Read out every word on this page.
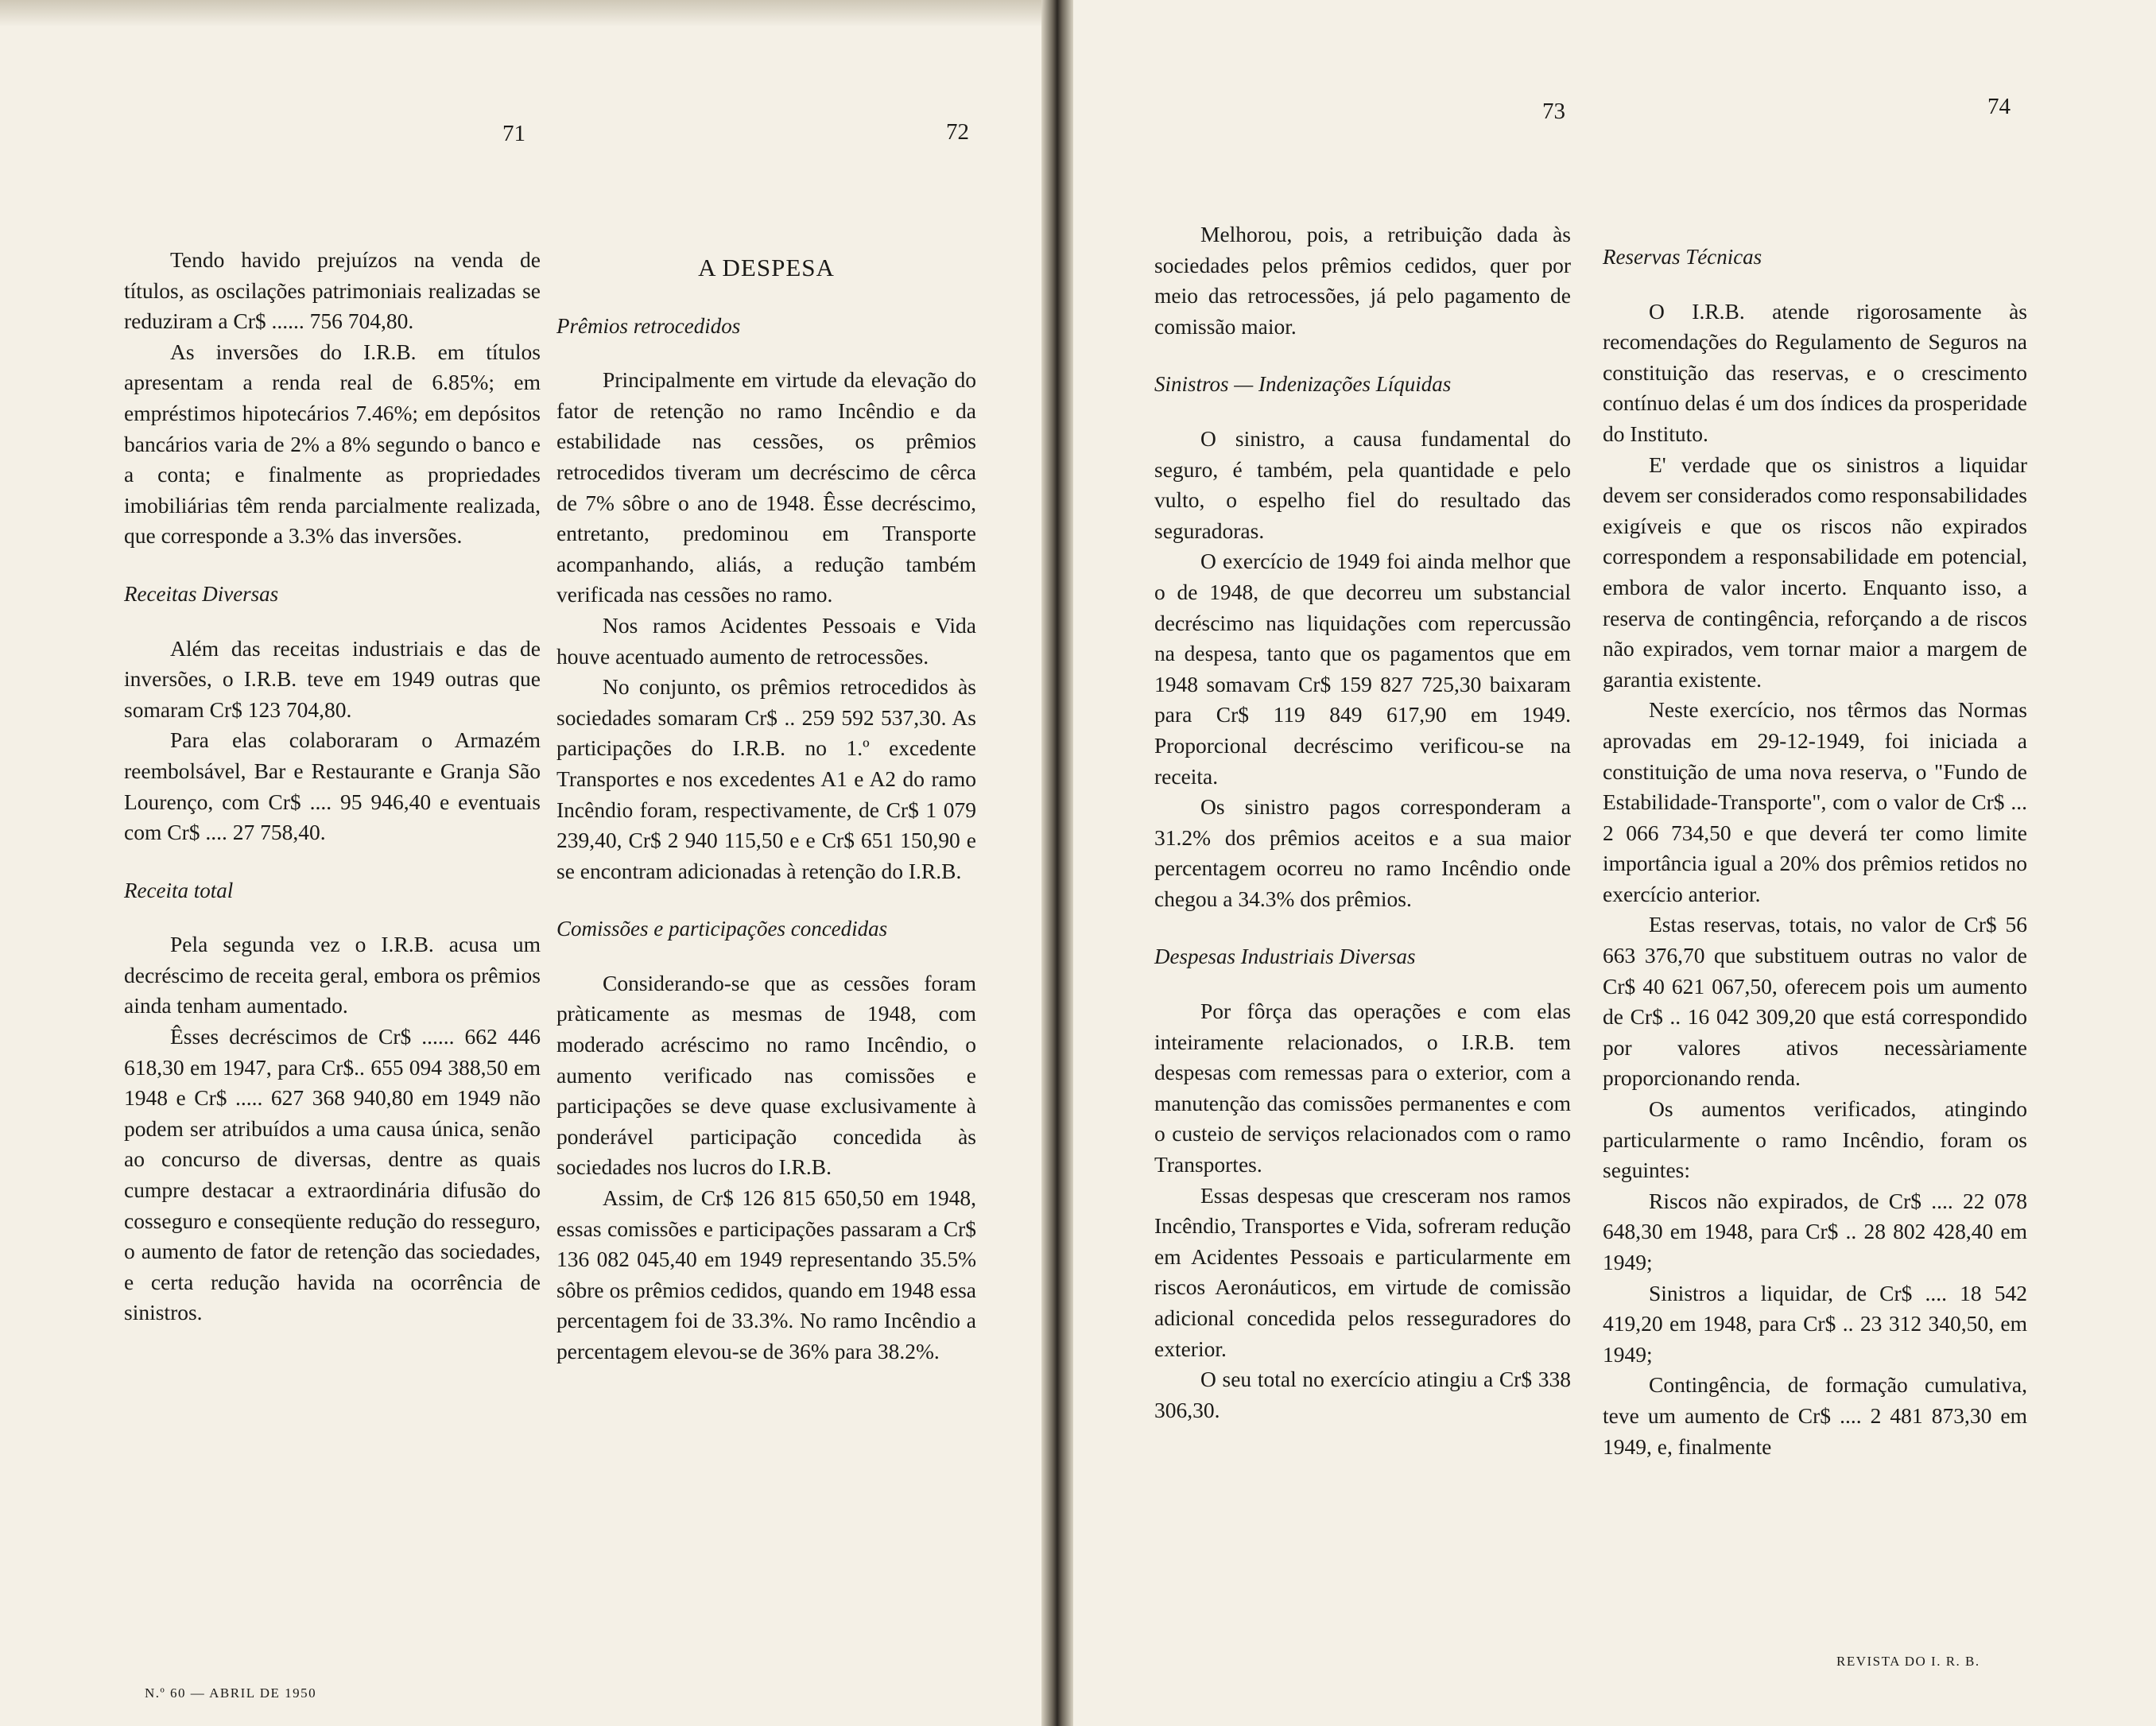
71	72
73	74

Tendo havido prejuízos na venda de títulos, as oscilações patrimoniais realizadas se reduziram a Cr$ ...... 756 704,80.

As inversões do I.R.B. em títulos apresentam a renda real de 6.85%; em empréstimos hipotecários 7.46%; em depósitos bancários varia de 2% a 8% segundo o banco e a conta; e finalmente as propriedades imobiliárias têm renda parcialmente realizada, que corresponde a 3.3% das inversões.

Receitas Diversas

Além das receitas industriais e das de inversões, o I.R.B. teve em 1949 outras que somaram Cr$ 123 704,80.

Para elas colaboraram o Armazém reembolsável, Bar e Restaurante e Granja São Lourenço, com Cr$ .... 95 946,40 e eventuais com Cr$ .... 27 758,40.

Receita total

Pela segunda vez o I.R.B. acusa um decréscimo de receita geral, embora os prêmios ainda tenham aumentado.

Êsses decréscimos de Cr$ ...... 662 446 618,30 em 1947, para Cr$.. 655 094 388,50 em 1948 e Cr$ ..... 627 368 940,80 em 1949 não podem ser atribuídos a uma causa única, senão ao concurso de diversas, dentre as quais cumpre destacar a extraordinária difusão do cosseguro e conseqüente redução do resseguro, o aumento de fator de retenção das sociedades, e certa redução havida na ocorrência de sinistros.

A DESPESA

Prêmios retrocedidos

Principalmente em virtude da elevação do fator de retenção no ramo Incêndio e da estabilidade nas cessões, os prêmios retrocedidos tiveram um decréscimo de cêrca de 7% sôbre o ano de 1948. Êsse decréscimo, entretanto, predominou em Transporte acompanhando, aliás, a redução também verificada nas cessões no ramo.

Nos ramos Acidentes Pessoais e Vida houve acentuado aumento de retrocessões.

No conjunto, os prêmios retrocedidos às sociedades somaram Cr$ .. 259 592 537,30. As participações do I.R.B. no 1.º excedente Transportes e nos excedentes A1 e A2 do ramo Incêndio foram, respectivamente, de Cr$ 1 079 239,40, Cr$ 2 940 115,50 e e Cr$ 651 150,90 e se encontram adicionadas à retenção do I.R.B.

Comissões e participações concedidas

Considerando-se que as cessões foram pràticamente as mesmas de 1948, com moderado acréscimo no ramo Incêndio, o aumento verificado nas comissões e participações se deve quase exclusivamente à ponderável participação concedida às sociedades nos lucros do I.R.B.

Assim, de Cr$ 126 815 650,50 em 1948, essas comissões e participações passaram a Cr$ 136 082 045,40 em 1949 representando 35.5% sôbre os prêmios cedidos, quando em 1948 essa percentagem foi de 33.3%. No ramo Incêndio a percentagem elevou-se de 36% para 38.2%.

Melhorou, pois, a retribuição dada às sociedades pelos prêmios cedidos, quer por meio das retrocessões, já pelo pagamento de comissão maior.

Sinistros — Indenizações Líquidas

O sinistro, a causa fundamental do seguro, é também, pela quantidade e pelo vulto, o espelho fiel do resultado das seguradoras.

O exercício de 1949 foi ainda melhor que o de 1948, de que decorreu um substancial decréscimo nas liquidações com repercussão na despesa, tanto que os pagamentos que em 1948 somavam Cr$ 159 827 725,30 baixaram para Cr$ 119 849 617,90 em 1949. Proporcional decréscimo verificou-se na receita.

Os sinistro pagos corresponderam a 31.2% dos prêmios aceitos e a sua maior percentagem ocorreu no ramo Incêndio onde chegou a 34.3% dos prêmios.

Despesas Industriais Diversas

Por fôrça das operações e com elas inteiramente relacionados, o I.R.B. tem despesas com remessas para o exterior, com a manutenção das comissões permanentes e com o custeio de serviços relacionados com o ramo Transportes.

Essas despesas que cresceram nos ramos Incêndio, Transportes e Vida, sofreram redução em Acidentes Pessoais e particularmente em riscos Aeronáuticos, em virtude de comissão adicional concedida pelos resseguradores do exterior.

O seu total no exercício atingiu a Cr$ 338 306,30.

Reservas Técnicas

O I.R.B. atende rigorosamente às recomendações do Regulamento de Seguros na constituição das reservas, e o crescimento contínuo delas é um dos índices da prosperidade do Instituto.

E' verdade que os sinistros a liquidar devem ser considerados como responsabilidades exigíveis e que os riscos não expirados correspondem a responsabilidade em potencial, embora de valor incerto. Enquanto isso, a reserva de contingência, reforçando a de riscos não expirados, vem tornar maior a margem de garantia existente.

Neste exercício, nos têrmos das Normas aprovadas em 29-12-1949, foi iniciada a constituição de uma nova reserva, o "Fundo de Estabilidade-Transporte", com o valor de Cr$ ... 2 066 734,50 e que deverá ter como limite importância igual a 20% dos prêmios retidos no exercício anterior.

Estas reservas, totais, no valor de Cr$ 56 663 376,70 que substituem outras no valor de Cr$ 40 621 067,50, oferecem pois um aumento de Cr$ .. 16 042 309,20 que está correspondido por valores ativos necessàriamente proporcionando renda.

Os aumentos verificados, atingindo particularmente o ramo Incêndio, foram os seguintes:

Riscos não expirados, de Cr$ .... 22 078 648,30 em 1948, para Cr$ .. 28 802 428,40 em 1949;

Sinistros a liquidar, de Cr$ .... 18 542 419,20 em 1948, para Cr$ .. 23 312 340,50, em 1949;

Contingência, de formação cumulativa, teve um aumento de Cr$ .... 2 481 873,30 em 1949, e, finalmente

N.º 60 — ABRIL DE 1950
REVISTA DO I. R. B.
